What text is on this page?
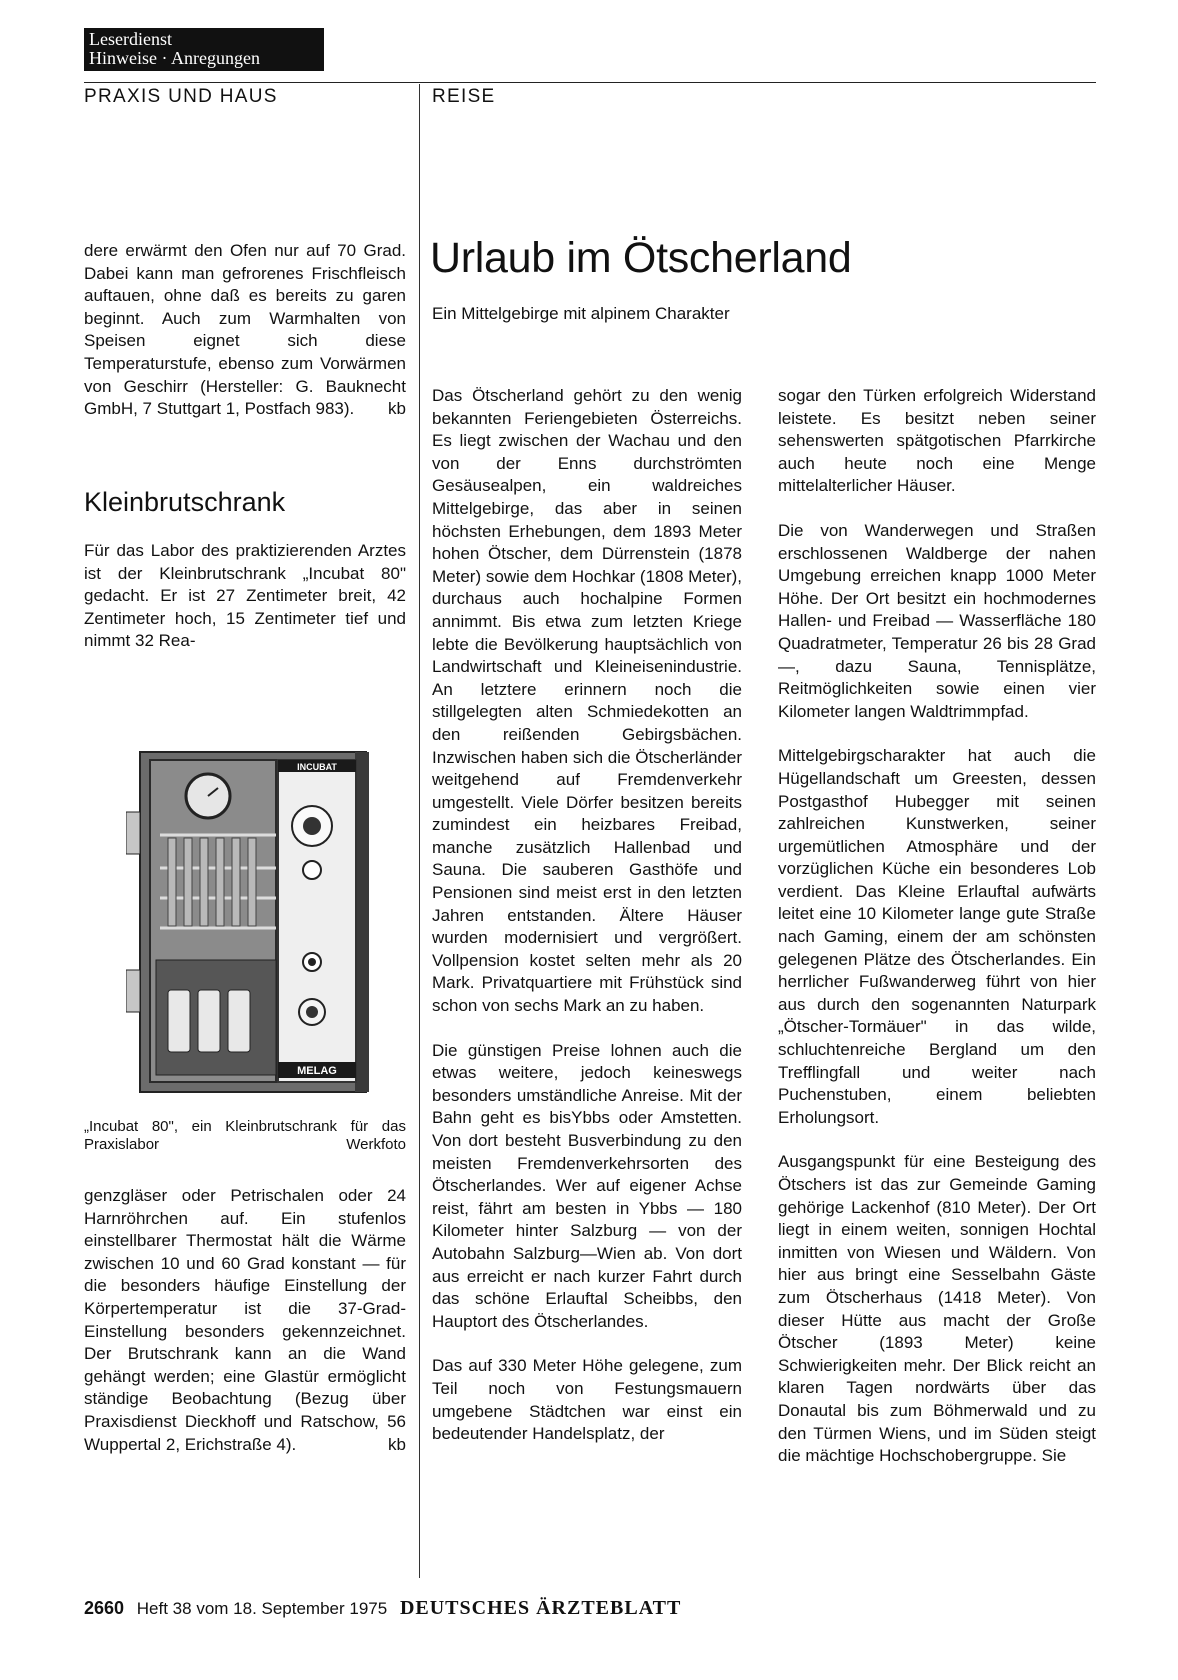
Leserdienst
Hinweise · Anregungen
PRAXIS UND HAUS	REISE

dere erwärmt den Ofen nur auf 70 Grad. Dabei kann man gefrorenes Frischfleisch auftauen, ohne daß es bereits zu garen beginnt. Auch zum Warmhalten von Speisen eignet sich diese Temperaturstufe, ebenso zum Vorwärmen von Geschirr (Hersteller: G. Bauknecht GmbH, 7 Stuttgart 1, Postfach 983). kb

Kleinbrutschrank

Für das Labor des praktizierenden Arztes ist der Kleinbrutschrank „Incubat 80" gedacht. Er ist 27 Zentimeter breit, 42 Zentimeter hoch, 15 Zentimeter tief und nimmt 32 Rea-

INCUBAT
MELAG
„Incubat 80", ein Kleinbrutschrank für das Praxislabor	Werkfoto

genzgläser oder Petrischalen oder 24 Harnröhrchen auf. Ein stufenlos einstellbarer Thermostat hält die Wärme zwischen 10 und 60 Grad konstant — für die besonders häufige Einstellung der Körpertemperatur ist die 37-Grad-Einstellung besonders gekennzeichnet. Der Brutschrank kann an die Wand gehängt werden; eine Glastür ermöglicht ständige Beobachtung (Bezug über Praxisdienst Dieckhoff und Ratschow, 56 Wuppertal 2, Erichstraße 4).	kb

Urlaub im Ötscherland
Ein Mittelgebirge mit alpinem Charakter

Das Ötscherland gehört zu den wenig bekannten Feriengebieten Österreichs. Es liegt zwischen der Wachau und den von der Enns durchströmten Gesäusealpen, ein waldreiches Mittelgebirge, das aber in seinen höchsten Erhebungen, dem 1893 Meter hohen Ötscher, dem Dürrenstein (1878 Meter) sowie dem Hochkar (1808 Meter), durchaus auch hochalpine Formen annimmt. Bis etwa zum letzten Kriege lebte die Bevölkerung hauptsächlich von Landwirtschaft und Kleineisenindustrie. An letztere erinnern noch die stillgelegten alten Schmiedekotten an den reißenden Gebirgsbächen. Inzwischen haben sich die Ötscherländer weitgehend auf Fremdenverkehr umgestellt. Viele Dörfer besitzen bereits zumindest ein heizbares Freibad, manche zusätzlich Hallenbad und Sauna. Die sauberen Gasthöfe und Pensionen sind meist erst in den letzten Jahren entstanden. Ältere Häuser wurden modernisiert und vergrößert. Vollpension kostet selten mehr als 20 Mark. Privatquartiere mit Frühstück sind schon von sechs Mark an zu haben.

Die günstigen Preise lohnen auch die etwas weitere, jedoch keineswegs besonders umständliche Anreise. Mit der Bahn geht es bisYbbs oder Amstetten. Von dort besteht Busverbindung zu den meisten Fremdenverkehrsorten des Ötscherlandes. Wer auf eigener Achse reist, fährt am besten in Ybbs — 180 Kilometer hinter Salzburg — von der Autobahn Salzburg—Wien ab. Von dort aus erreicht er nach kurzer Fahrt durch das schöne Erlauftal Scheibbs, den Hauptort des Ötscherlandes.

Das auf 330 Meter Höhe gelegene, zum Teil noch von Festungsmauern umgebene Städtchen war einst ein bedeutender Handelsplatz, der

sogar den Türken erfolgreich Widerstand leistete. Es besitzt neben seiner sehenswerten spätgotischen Pfarrkirche auch heute noch eine Menge mittelalterlicher Häuser.

Die von Wanderwegen und Straßen erschlossenen Waldberge der nahen Umgebung erreichen knapp 1000 Meter Höhe. Der Ort besitzt ein hochmodernes Hallen- und Freibad — Wasserfläche 180 Quadratmeter, Temperatur 26 bis 28 Grad —, dazu Sauna, Tennisplätze, Reitmöglichkeiten sowie einen vier Kilometer langen Waldtrimmpfad.

Mittelgebirgscharakter hat auch die Hügellandschaft um Greesten, dessen Postgasthof Hubegger mit seinen zahlreichen Kunstwerken, seiner urgemütlichen Atmosphäre und der vorzüglichen Küche ein besonderes Lob verdient. Das Kleine Erlauftal aufwärts leitet eine 10 Kilometer lange gute Straße nach Gaming, einem der am schönsten gelegenen Plätze des Ötscherlandes. Ein herrlicher Fußwanderweg führt von hier aus durch den sogenannten Naturpark „Ötscher-Tormäuer" in das wilde, schluchtenreiche Bergland um den Trefflingfall und weiter nach Puchenstuben, einem beliebten Erholungsort.

Ausgangspunkt für eine Besteigung des Ötschers ist das zur Gemeinde Gaming gehörige Lackenhof (810 Meter). Der Ort liegt in einem weiten, sonnigen Hochtal inmitten von Wiesen und Wäldern. Von hier aus bringt eine Sesselbahn Gäste zum Ötscherhaus (1418 Meter). Von dieser Hütte aus macht der Große Ötscher (1893 Meter) keine Schwierigkeiten mehr. Der Blick reicht an klaren Tagen nordwärts über das Donautal bis zum Böhmerwald und zu den Türmen Wiens, und im Süden steigt die mächtige Hochschobergruppe. Sie

2660 Heft 38 vom 18. September 1975 DEUTSCHES ÄRZTEBLATT
